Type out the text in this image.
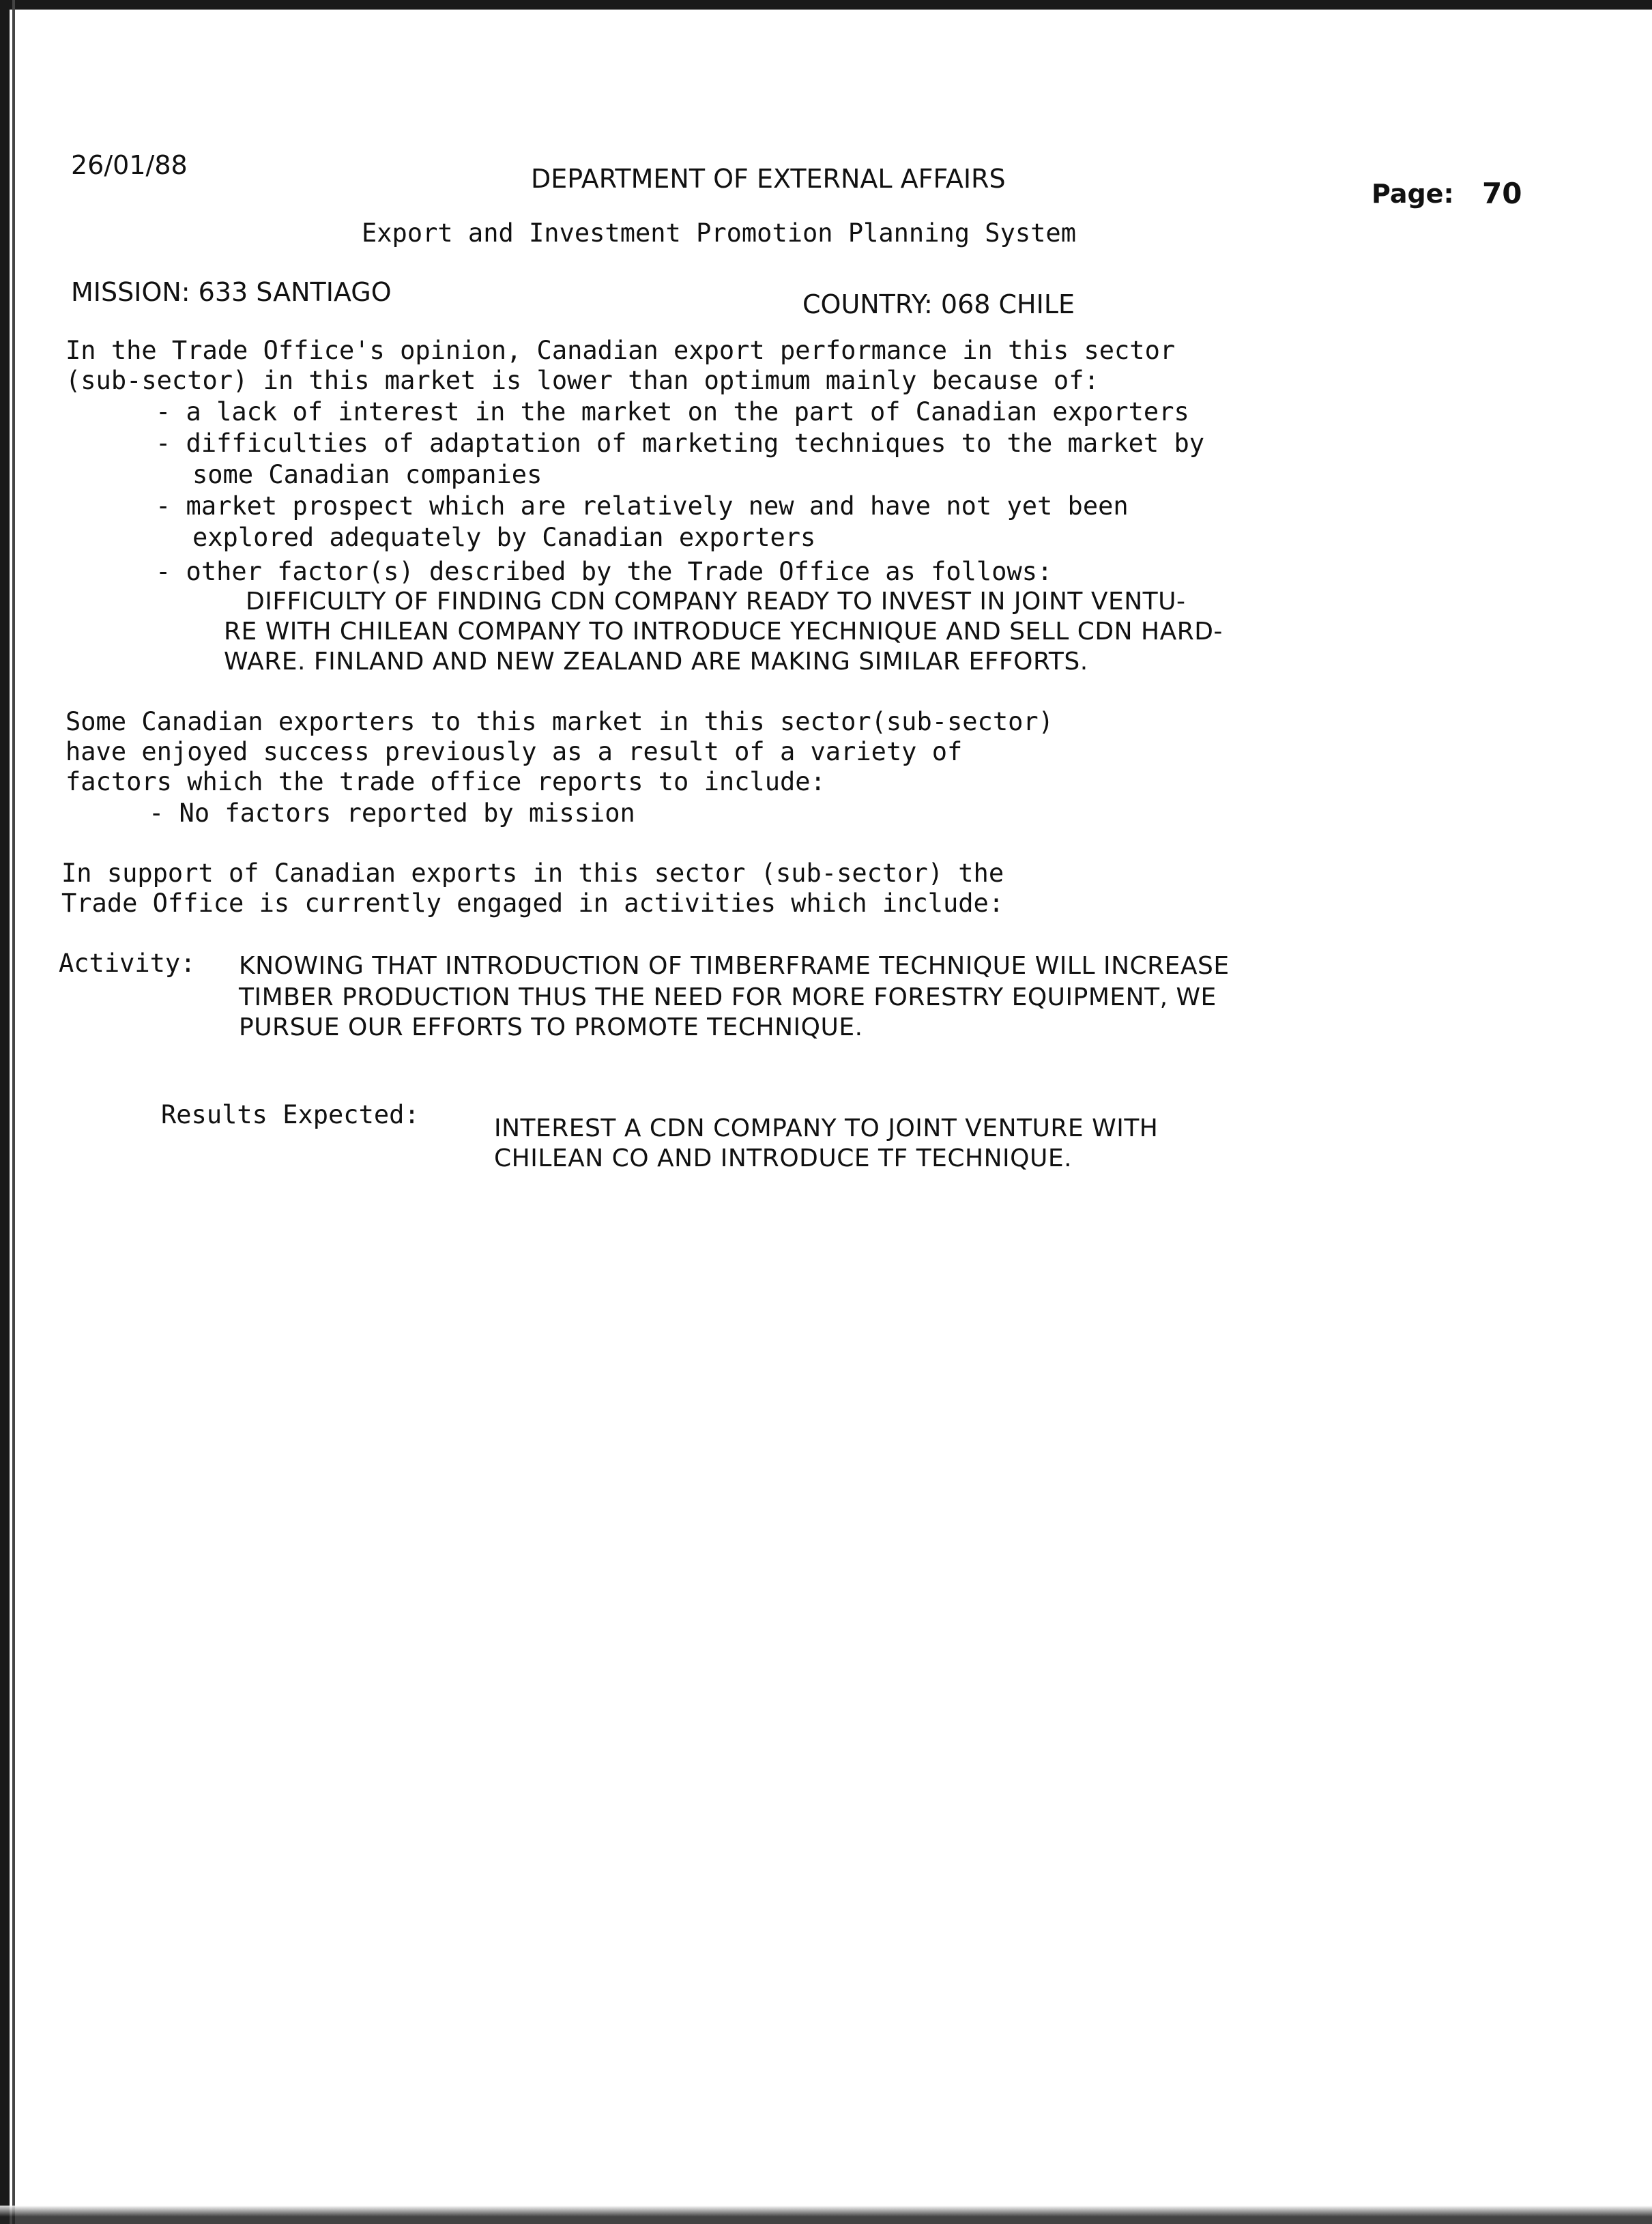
26/01/88	DEPARTMENT OF EXTERNAL AFFAIRS	Page: 70
Export and Investment Promotion Planning System
MISSION: 633 SANTIAGO	COUNTRY: 068 CHILE
In the Trade Office's opinion, Canadian export performance in this sector
(sub-sector) in this market is lower than optimum mainly because of:
- a lack of interest in the market on the part of Canadian exporters
- difficulties of adaptation of marketing techniques to the market by
some Canadian companies
- market prospect which are relatively new and have not yet been
explored adequately by Canadian exporters
- other factor(s) described by the Trade Office as follows:
DIFFICULTY OF FINDING CDN COMPANY READY TO INVEST IN JOINT VENTU-
RE WITH CHILEAN COMPANY TO INTRODUCE YECHNIQUE AND SELL CDN HARD-
WARE. FINLAND AND NEW ZEALAND ARE MAKING SIMILAR EFFORTS.
Some Canadian exporters to this market in this sector(sub-sector)
have enjoyed success previously as a result of a variety of
factors which the trade office reports to include:
- No factors reported by mission
In support of Canadian exports in this sector (sub-sector) the
Trade Office is currently engaged in activities which include:
Activity: KNOWING THAT INTRODUCTION OF TIMBERFRAME TECHNIQUE WILL INCREASE
TIMBER PRODUCTION THUS THE NEED FOR MORE FORESTRY EQUIPMENT, WE
PURSUE OUR EFFORTS TO PROMOTE TECHNIQUE.
Results Expected:	INTEREST A CDN COMPANY TO JOINT VENTURE WITH
CHILEAN CO AND INTRODUCE TF TECHNIQUE.
